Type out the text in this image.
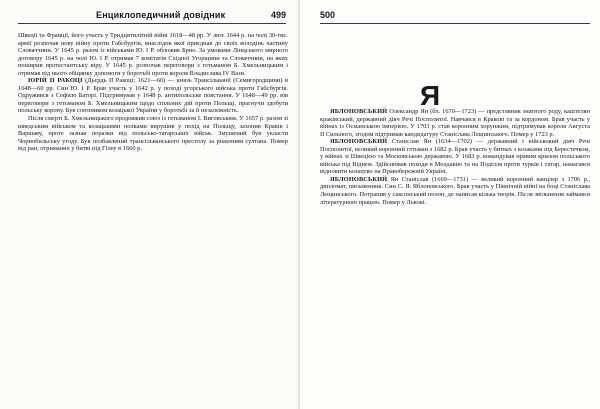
Енциклопедичний довідник	499

Швеції та Франції, його участь у Тридцятилітній війні 1618—48 рр. У лют. 1644 р. на чолі 30-тис. армії розпочав нову війну проти Габсбургів, внаслідок якої приєднав до своїх володінь частину Словаччини. У 1645 р. разом із військами Ю. І Р. обложив Брно. За умовами Лінцського мирного договору 1645 р. на чолі Ю. І Р. отримав 7 комітатів Східної Угорщини та Словаччини, на яких поширив протестантську віру. У 1645 р. розпочав переговори з гетьманом Б. Хмельницьким і отримав від нього обіцянку допомоги у боротьбі проти короля Владислава IV Вази.

ЮРІЙ ІІ РАКОЦІ (Дьєрдь ІІ Ракоці; 1621—60) — князь Трансільванії (Семигородщини) в 1648—60 рр. Син Ю. І Р. Брав участь у 1642 р. у поході угорського війська проти Габсбургів. Одружився з Софією Баторі. Підтримував у 1648 р. антипольське повстання. У 1648—49 рр. вів переговори з гетьманом Б. Хмельницьким щодо спільних дій проти Польщі, прагнучи здобути польську корону. Був союзником козацької України у боротьбі за її незалежність.

Після смерті Б. Хмельницького продовжив союз із гетьманом І. Виговським. У 1657 р. разом зі шведським військом та козацькими полками вирушив у похід на Польщу, захопив Краків і Варшаву, проте зазнав поразки від польсько-татарських військ. Змушений був укласти Чорнобильську угоду. Був позбавлений трансільванського престолу за рішенням султана. Помер від ран, отриманих у битві під Гілеу в 1660 р.

500
Я

ЯБЛОНОВСЬКИЙ Олександр Ян (бл. 1670—1723) — представник знатного роду, каштелян краківський, державний діяч Речі Посполитої. Навчався в Кракові та за кордоном. Брав участь у війнах із Османською імперією. У 1703 р. став коронним хорунжим, підтримував короля Августа ІІ Сильного, згодом підтримав кандидатуру Станіслава Лещинського. Помер у 1723 р.

ЯБЛОНОВСЬКИЙ Станіслав Ян (1634—1702) — державний і військовий діяч Речі Посполитої, великий коронний гетьман з 1682 р. Брав участь у битвах з козаками під Берестечком, у війнах зі Швецією та Московською державою. У 1683 р. командував правим крилом польського війська під Віднем. Здійснював походи в Молдавію та на Поділля проти турків і татар, намагався відновити козацтво на Правобережній Україні.

ЯБЛОНОВСЬКИЙ Ян Станіслав (1669—1731) — великий коронний канцлер з 1706 р., дипломат, письменник. Син С. Я. Яблоновського. Брав участь у Північній війні на боці Станіслава Лещинського. Потрапив у саксонський полон, де написав кілька творів. Після звільнення займався літературною працею. Помер у Львові.
